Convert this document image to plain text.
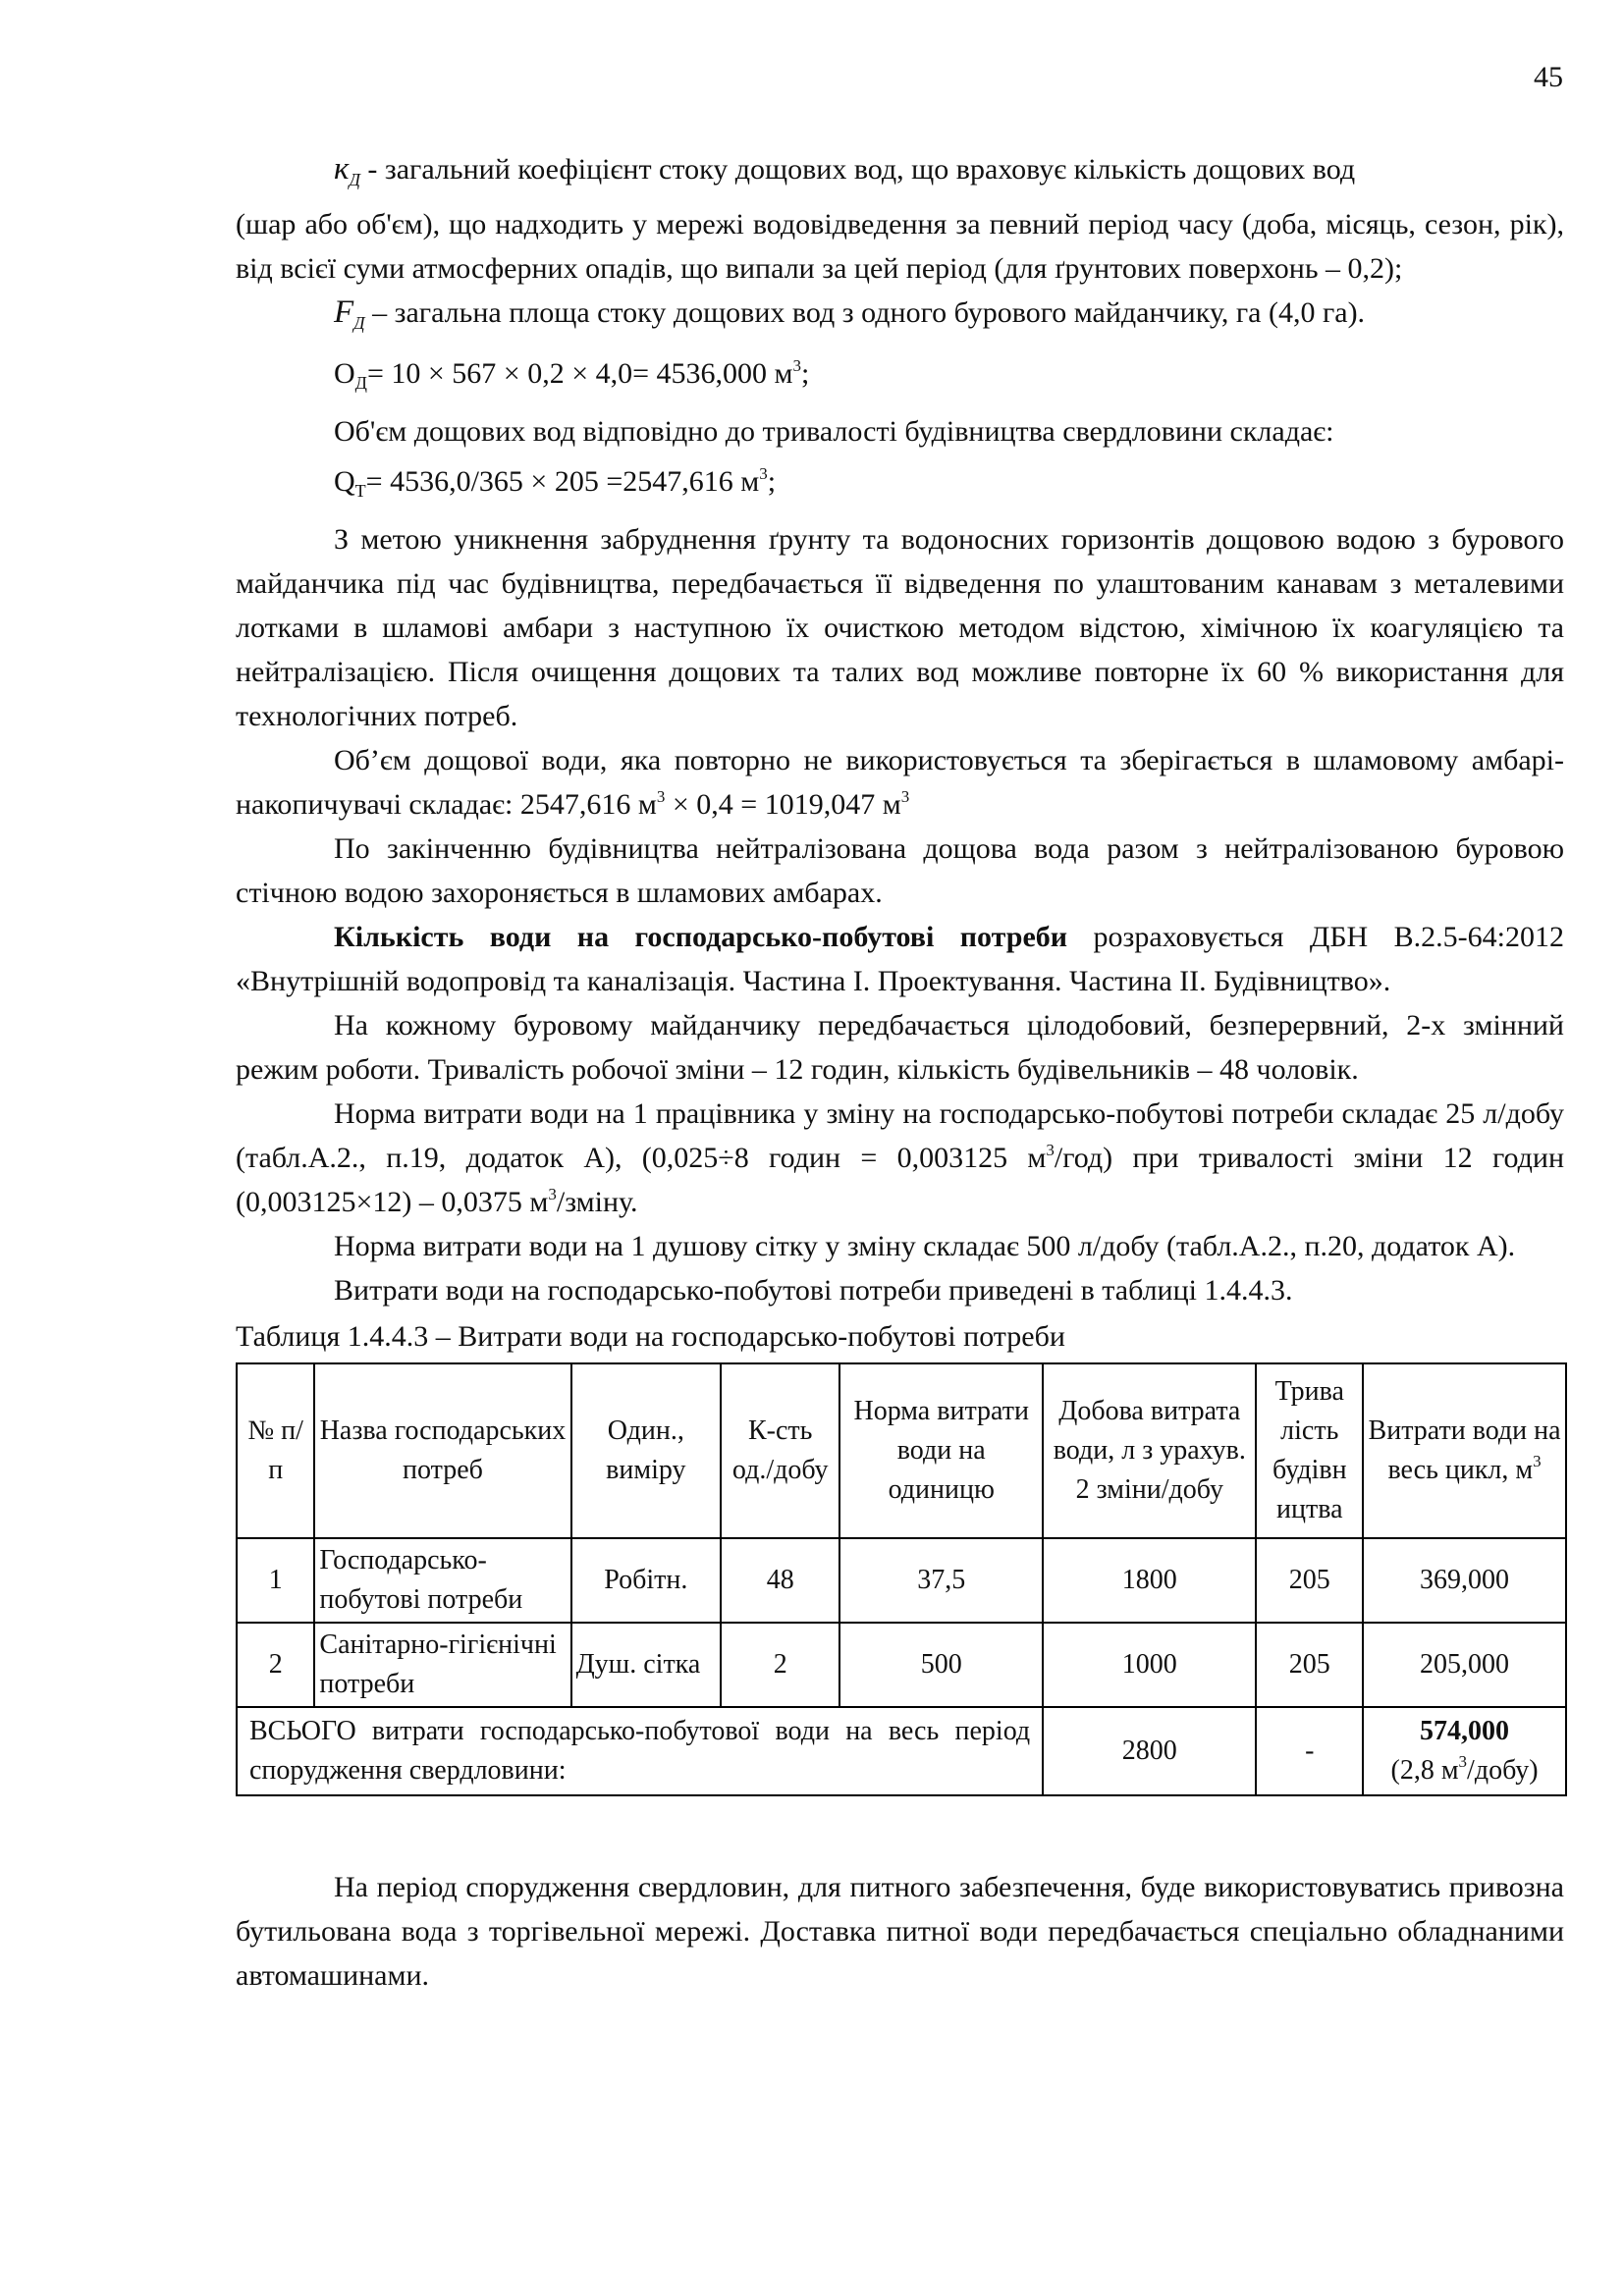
45

$к_Д$ - загальний коефіцієнт стоку дощових вод, що враховує кількість дощових вод

(шар або об'єм), що надходить у мережі водовідведення за певний період часу (доба, місяць, сезон, рік), від всієї суми атмосферних опадів, що випали за цей період (для ґрунтових поверхонь – 0,2);

$F_Д$ – загальна площа стоку дощових вод з одного бурового майданчику, га (4,0 га).

$О_Д= 10 \times 567 \times 0,2 \times 4,0= 4536,000$ $м^3$;

Об'єм дощових вод відповідно до тривалості будівництва свердловини складає:

$Q_Т= 4536,0/365 \times 205 =2547,616$ $м^3$;

З метою уникнення забруднення ґрунту та водоносних горизонтів дощовою водою з бурового майданчика під час будівництва, передбачається її відведення по улаштованим канавам з металевими лотками в шламові амбари з наступною їх очисткою методом відстою, хімічною їх коагуляцією та нейтралізацією. Після очищення дощових та талих вод можливе повторне їх 60 % використання для технологічних потреб.

Об’єм дощової води, яка повторно не використовується та зберігається в шламовому амбарі-накопичувачі складає: 2547,616 $м^3 \times 0,4 = 1019,047$ $м^3$

По закінченню будівництва нейтралізована дощова вода разом з нейтралізованою буровою стічною водою захороняється в шламових амбарах.

Кількість води на господарсько-побутові потреби розраховується ДБН В.2.5-64:2012 «Внутрішній водопровід та каналізація. Частина І. Проектування. Частина ІІ. Будівництво».

На кожному буровому майданчику передбачається цілодобовий, безперервний, 2-х змінний режим роботи. Тривалість робочої зміни – 12 годин, кількість будівельників – 48 чоловік.

Норма витрати води на 1 працівника у зміну на господарсько-побутові потреби складає 25 л/добу (табл.А.2., п.19, додаток А), (0,025÷8 годин = 0,003125 $м^3/год$) при тривалості зміни 12 годин (0,003125×12) – 0,0375 $м^3$/зміну.

Норма витрати води на 1 душову сітку у зміну складає 500 л/добу (табл.А.2., п.20, додаток А).

Витрати води на господарсько-побутові потреби приведені в таблиці 1.4.4.3.

Таблиця 1.4.4.3 – Витрати води на господарсько-побутові потреби

№ п/п	Назва господарських потреб	Один., виміру	К-сть од./добу	Норма витрати води на одиницю	Добова витрата води, л з урахув. 2 зміни/добу	Трива лість будівн ицтва	Витрати води на весь цикл, $м^3$
1	Господарсько-побутові потреби	Робітн.	48	37,5	1800	205	369,000
2	Санітарно-гігієнічні потреби	Душ. сітка	2	500	1000	205	205,000
ВСЬОГО витрати господарсько-побутової води на весь період спорудження свердловини:					2800	-	574,000
(2,8 $м^3/добу$)

На період спорудження свердловин, для питного забезпечення, буде використовуватись привозна бутильована вода з торгівельної мережі. Доставка питної води передбачається спеціально обладнаними автомашинами.
